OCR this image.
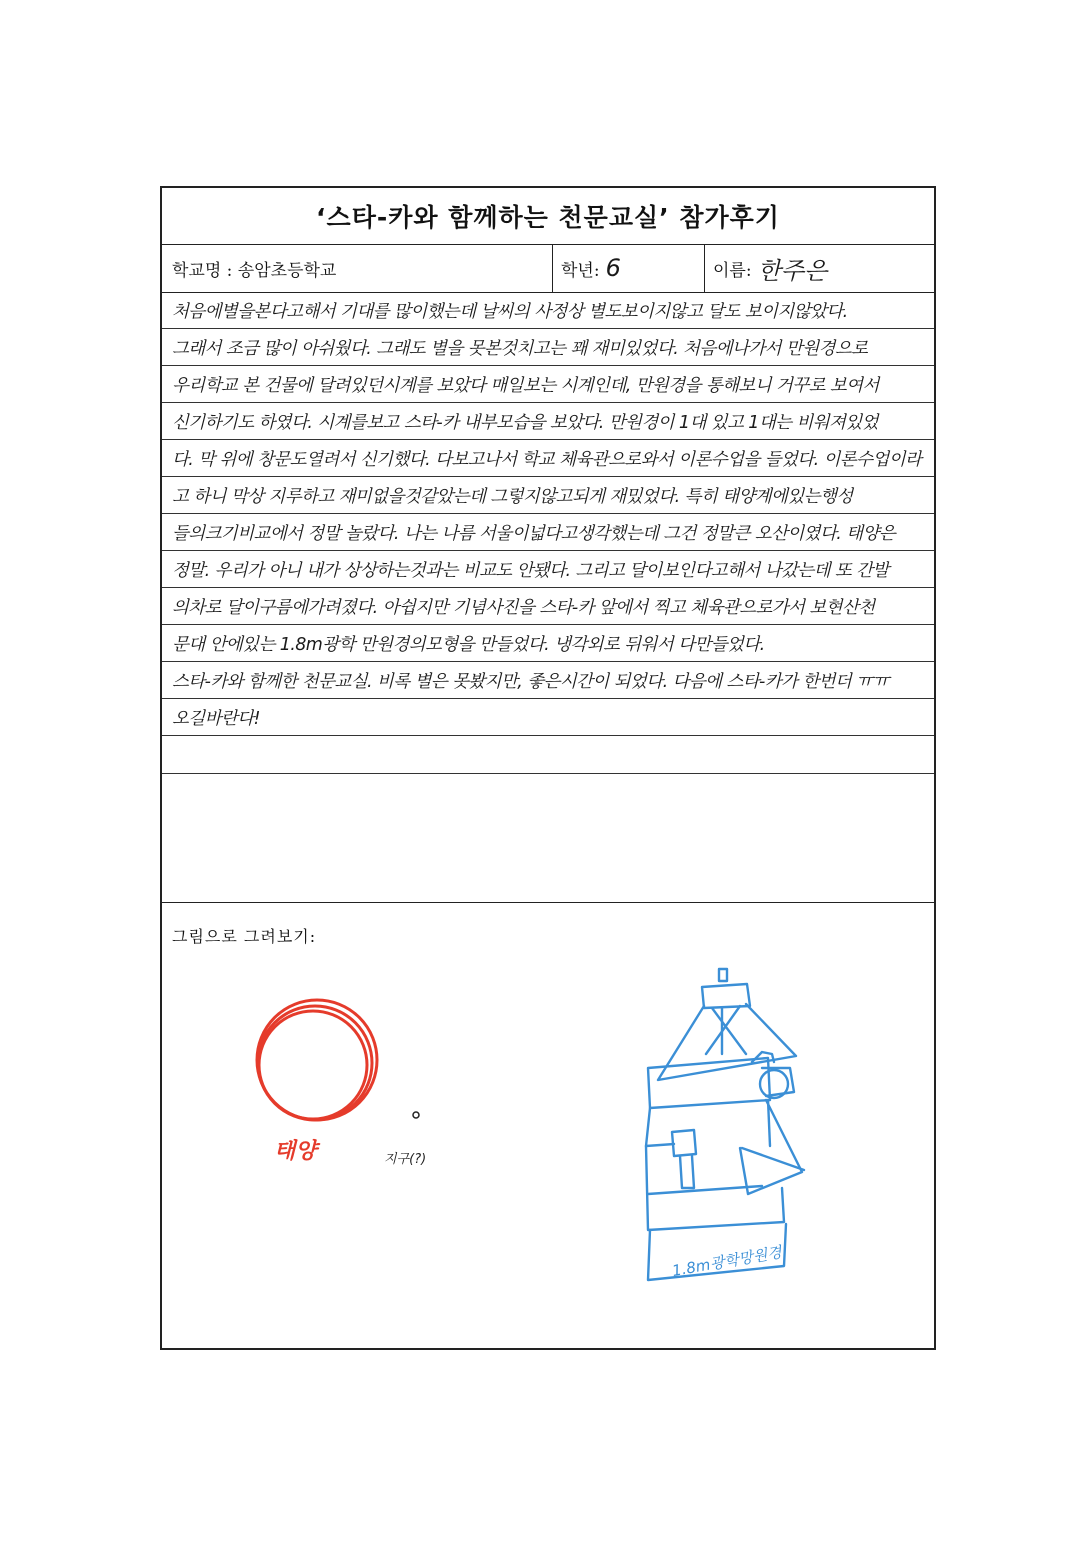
‘스타-카와 함께하는 천문교실’ 참가후기
학교명 : 송암초등학교	학년: 6	이름: 한주은
처음에별을본다고해서 기대를 많이했는데 날씨의 사정상 별도보이지않고 달도 보이지않았다.
그래서 조금 많이 아쉬웠다. 그래도 별을 못본것치고는 꽤 재미있었다. 처음에나가서 만원경으로
우리학교 본 건물에 달려있던시계를 보았다 매일보는 시계인데, 만원경을 통해보니 거꾸로 보여서
신기하기도 하였다. 시계를보고 스타-카 내부모습을 보았다. 만원경이 1대 있고 1대는 비워져있었
다. 막 위에 창문도열려서 신기했다. 다보고나서 학교 체육관으로와서 이론수업을 들었다. 이론수업이라
고 하니 막상 지루하고 재미없을것같았는데 그렇지않고되게 재밌었다. 특히 태양계에있는행성
들의크기비교에서 정말 놀랐다. 나는 나름 서울이넓다고생각했는데 그건 정말큰 오산이였다. 태양은
정말. 우리가 아니 내가 상상하는것과는 비교도 안됐다. 그리고 달이보인다고해서 나갔는데 또 간발
의차로 달이구름에가려졌다. 아쉽지만 기념사진을 스타-카 앞에서 찍고 체육관으로가서 보현산천
문대 안에있는 1.8m광학 만원경의모형을 만들었다. 냉각외로 뒤워서 다만들었다.
스타-카와 함께한 천문교실. 비록 별은 못봤지만, 좋은시간이 되었다. 다음에 스타-카가 한번더 ㅠㅠ
오길바란다!
그림으로 그려보기:
태양	지구(?)
1.8m광학망원경
